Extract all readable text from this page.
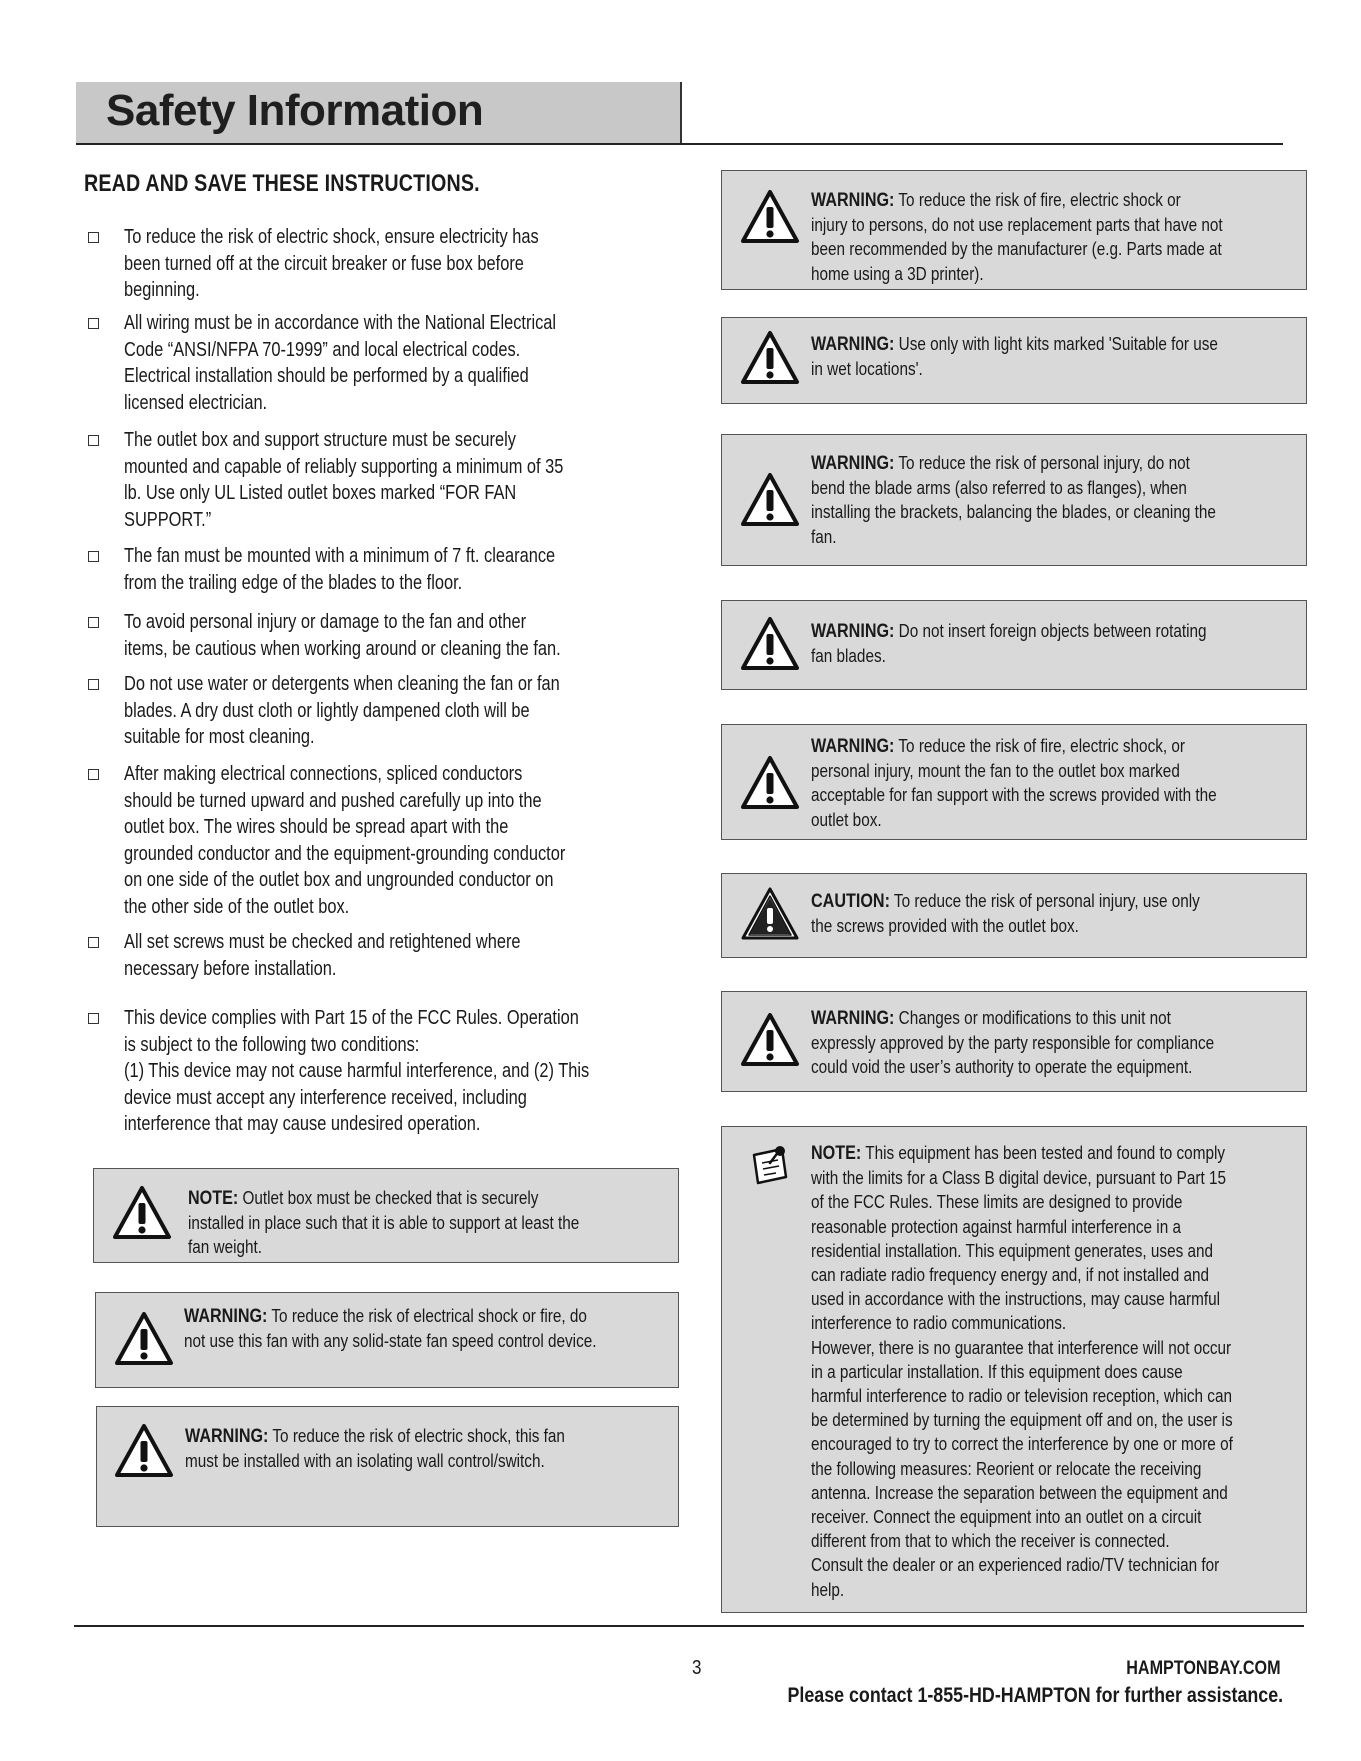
Safety Information
READ AND SAVE THESE INSTRUCTIONS.
To reduce the risk of electric shock, ensure electricity has
been turned off at the circuit breaker or fuse box before
beginning.
All wiring must be in accordance with the National Electrical
Code “ANSI/NFPA 70-1999” and local electrical codes.
Electrical installation should be performed by a qualified
licensed electrician.
The outlet box and support structure must be securely
mounted and capable of reliably supporting a minimum of 35
lb. Use only UL Listed outlet boxes marked “FOR FAN
SUPPORT.”
The fan must be mounted with a minimum of 7 ft. clearance
from the trailing edge of the blades to the floor.
To avoid personal injury or damage to the fan and other
items, be cautious when working around or cleaning the fan.
Do not use water or detergents when cleaning the fan or fan
blades. A dry dust cloth or lightly dampened cloth will be
suitable for most cleaning.
After making electrical connections, spliced conductors
should be turned upward and pushed carefully up into the
outlet box. The wires should be spread apart with the
grounded conductor and the equipment-grounding conductor
on one side of the outlet box and ungrounded conductor on
the other side of the outlet box.
All set screws must be checked and retightened where
necessary before installation.
This device complies with Part 15 of the FCC Rules. Operation
is subject to the following two conditions:
(1) This device may not cause harmful interference, and (2) This
device must accept any interference received, including
interference that may cause undesired operation.
NOTE: Outlet box must be checked that is securely
installed in place such that it is able to support at least the
fan weight.
WARNING: To reduce the risk of electrical shock or fire, do
not use this fan with any solid-state fan speed control device.
WARNING: To reduce the risk of electric shock, this fan
must be installed with an isolating wall control/switch.
WARNING: To reduce the risk of fire, electric shock or
injury to persons, do not use replacement parts that have not
been recommended by the manufacturer (e.g. Parts made at
home using a 3D printer).
WARNING: Use only with light kits marked 'Suitable for use
in wet locations'.
WARNING: To reduce the risk of personal injury, do not
bend the blade arms (also referred to as flanges), when
installing the brackets, balancing the blades, or cleaning the
fan.
WARNING: Do not insert foreign objects between rotating
fan blades.
WARNING: To reduce the risk of fire, electric shock, or
personal injury, mount the fan to the outlet box marked
acceptable for fan support with the screws provided with the
outlet box.
CAUTION: To reduce the risk of personal injury, use only
the screws provided with the outlet box.
WARNING: Changes or modifications to this unit not
expressly approved by the party responsible for compliance
could void the user’s authority to operate the equipment.
NOTE: This equipment has been tested and found to comply
with the limits for a Class B digital device, pursuant to Part 15
of the FCC Rules. These limits are designed to provide
reasonable protection against harmful interference in a
residential installation. This equipment generates, uses and
can radiate radio frequency energy and, if not installed and
used in accordance with the instructions, may cause harmful
interference to radio communications.
However, there is no guarantee that interference will not occur
in a particular installation. If this equipment does cause
harmful interference to radio or television reception, which can
be determined by turning the equipment off and on, the user is
encouraged to try to correct the interference by one or more of
the following measures: Reorient or relocate the receiving
antenna. Increase the separation between the equipment and
receiver. Connect the equipment into an outlet on a circuit
different from that to which the receiver is connected.
Consult the dealer or an experienced radio/TV technician for
help.
3	HAMPTONBAY.COM
Please contact 1-855-HD-HAMPTON for further assistance.
